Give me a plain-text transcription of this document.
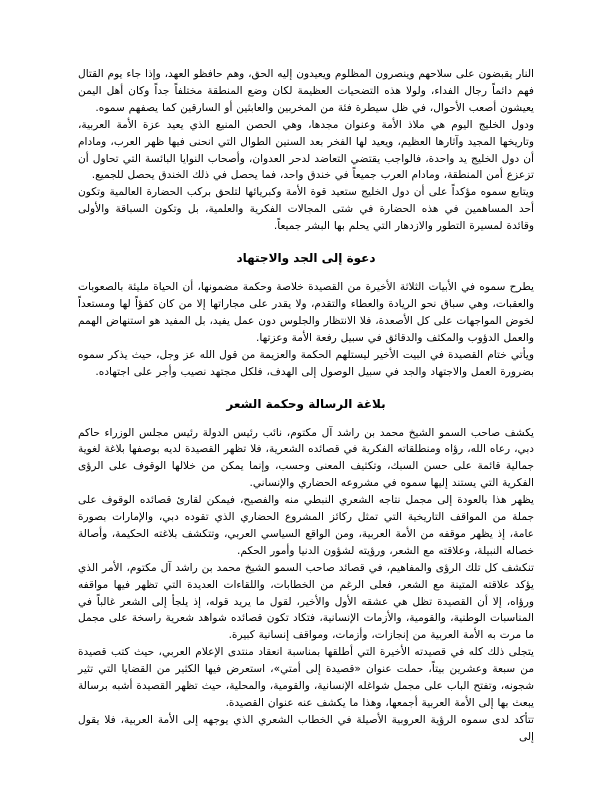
النار يقبضون على سلاحهم وينصرون المظلوم ويعيدون إليه الحق، وهم حافظو العهد، وإذا جاء يوم القتال فهم دائماً رجال الفداء، ولولا هذه التضحيات العظيمة لكان وضع المنطقة مختلفاً جداً وكان أهل اليمن يعيشون أصعب الأحوال، في ظل سيطرة فئة من المخربين والعابثين أو السارقين كما يصفهم سموه.

ودول الخليج اليوم هي ملاذ الأمة وعنوان مجدها، وهي الحصن المنيع الذي يعيد عزة الأمة العربية، وتاريخها المجيد وآثارها العظيم، ويعيد لها الفخر بعد السنين الطوال التي انحنى فيها ظهر العرب، ومادام أن دول الخليج يد واحدة، فالواجب يقتضي التعاضد لدحر العدوان، وأصحاب النوايا البائسة التي تحاول أن تزعزع أمن المنطقة، ومادام العرب جميعاً في خندق واحد، فما يحصل في ذلك الخندق يحصل للجميع.

ويتابع سموه مؤكداً على أن دول الخليج ستعيد قوة الأمة وكبريائها لتلحق بركب الحضارة العالمية وتكون أحد المساهمين في هذه الحضارة في شتى المجالات الفكرية والعلمية، بل وتكون السباقة والأولى وقائدة لمسيرة التطور والازدهار التي يحلم بها البشر جميعاً.

دعوة إلى الجد والاجتهاد

يطرح سموه في الأبيات الثلاثة الأخيرة من القصيدة خلاصة وحكمة مضمونها، أن الحياة مليئة بالصعوبات والعقبات، وهي سباق نحو الريادة والعطاء والتقدم، ولا يقدر على مجاراتها إلا من كان كفؤاً لها ومستعداً لخوض المواجهات على كل الأصعدة، فلا الانتظار والجلوس دون عمل يفيد، بل المفيد هو استنهاض الهمم والعمل الدؤوب والمكثف والدقائق في سبيل رفعة الأمة وعزتها.

ويأتي ختام القصيدة في البيت الأخير ليستلهم الحكمة والعزيمة من قول الله عز وجل، حيث يذكر سموه بضرورة العمل والاجتهاد والجد في سبيل الوصول إلى الهدف، فلكل مجتهد نصيب وأجر على اجتهاده.

بلاغة الرسالة وحكمة الشعر

يكشف صاحب السمو الشيخ محمد بن راشد آل مكتوم، نائب رئيس الدولة رئيس مجلس الوزراء حاكم دبي، رعاه الله، رؤاه ومنطلقاته الفكرية في قصائده الشعرية، فلا تظهر القصيدة لديه بوصفها بلاغة لغوية جمالية قائمة على حسن السبك، وتكثيف المعنى وحسب، وإنما يمكن من خلالها الوقوف على الرؤى الفكرية التي يستند إليها سموه في مشروعه الحضاري والإنساني.

يظهر هذا بالعودة إلى مجمل نتاجه الشعري النبطي منه والفصيح، فيمكن لقارئ قصائده الوقوف على جملة من المواقف التاريخية التي تمثل ركائز المشروع الحضاري الذي تقوده دبي، والإمارات بصورة عامة، إذ يظهر موقفه من الأمة العربية، ومن الواقع السياسي العربي، وتتكشف بلاغته الحكيمة، وأصالة خصاله النبيلة، وعلاقته مع الشعر، ورؤيته لشؤون الدنيا وأمور الحكم.

تنكشف كل تلك الرؤى والمفاهيم، في قصائد صاحب السمو الشيخ محمد بن راشد آل مكتوم، الأمر الذي يؤكد علاقته المتينة مع الشعر، فعلى الرغم من الخطابات، واللقاءات العديدة التي تظهر فيها مواقفه ورؤاه، إلا أن القصيدة تظل هي عشقه الأول والأخير، لقول ما يريد قوله، إذ يلجأ إلى الشعر غالباً في المناسبات الوطنية، والقومية، والأزمات الإنسانية، فتكاد تكون قصائده شواهد شعرية راسخة على مجمل ما مرت به الأمة العربية من إنجازات، وأزمات، ومواقف إنسانية كبيرة.

يتجلى ذلك كله في قصيدته الأخيرة التي أطلقها بمناسبة انعقاد منتدى الإعلام العربي، حيث كتب قصيدة من سبعة وعشرين بيتاً، حملت عنوان «قصيدة إلى أمتي»، استعرض فيها الكثير من القضايا التي تثير شجونه، وتفتح الباب على مجمل شواغله الإنسانية، والقومية، والمحلية، حيث تظهر القصيدة أشبه برسالة يبعث بها إلى الأمة العربية أجمعها، وهذا ما يكشف عنه عنوان القصيدة.

تتأكد لدى سموه الرؤية العروبية الأصيلة في الخطاب الشعري الذي يوجهه إلى الأمة العربية، فلا يقول إلى
